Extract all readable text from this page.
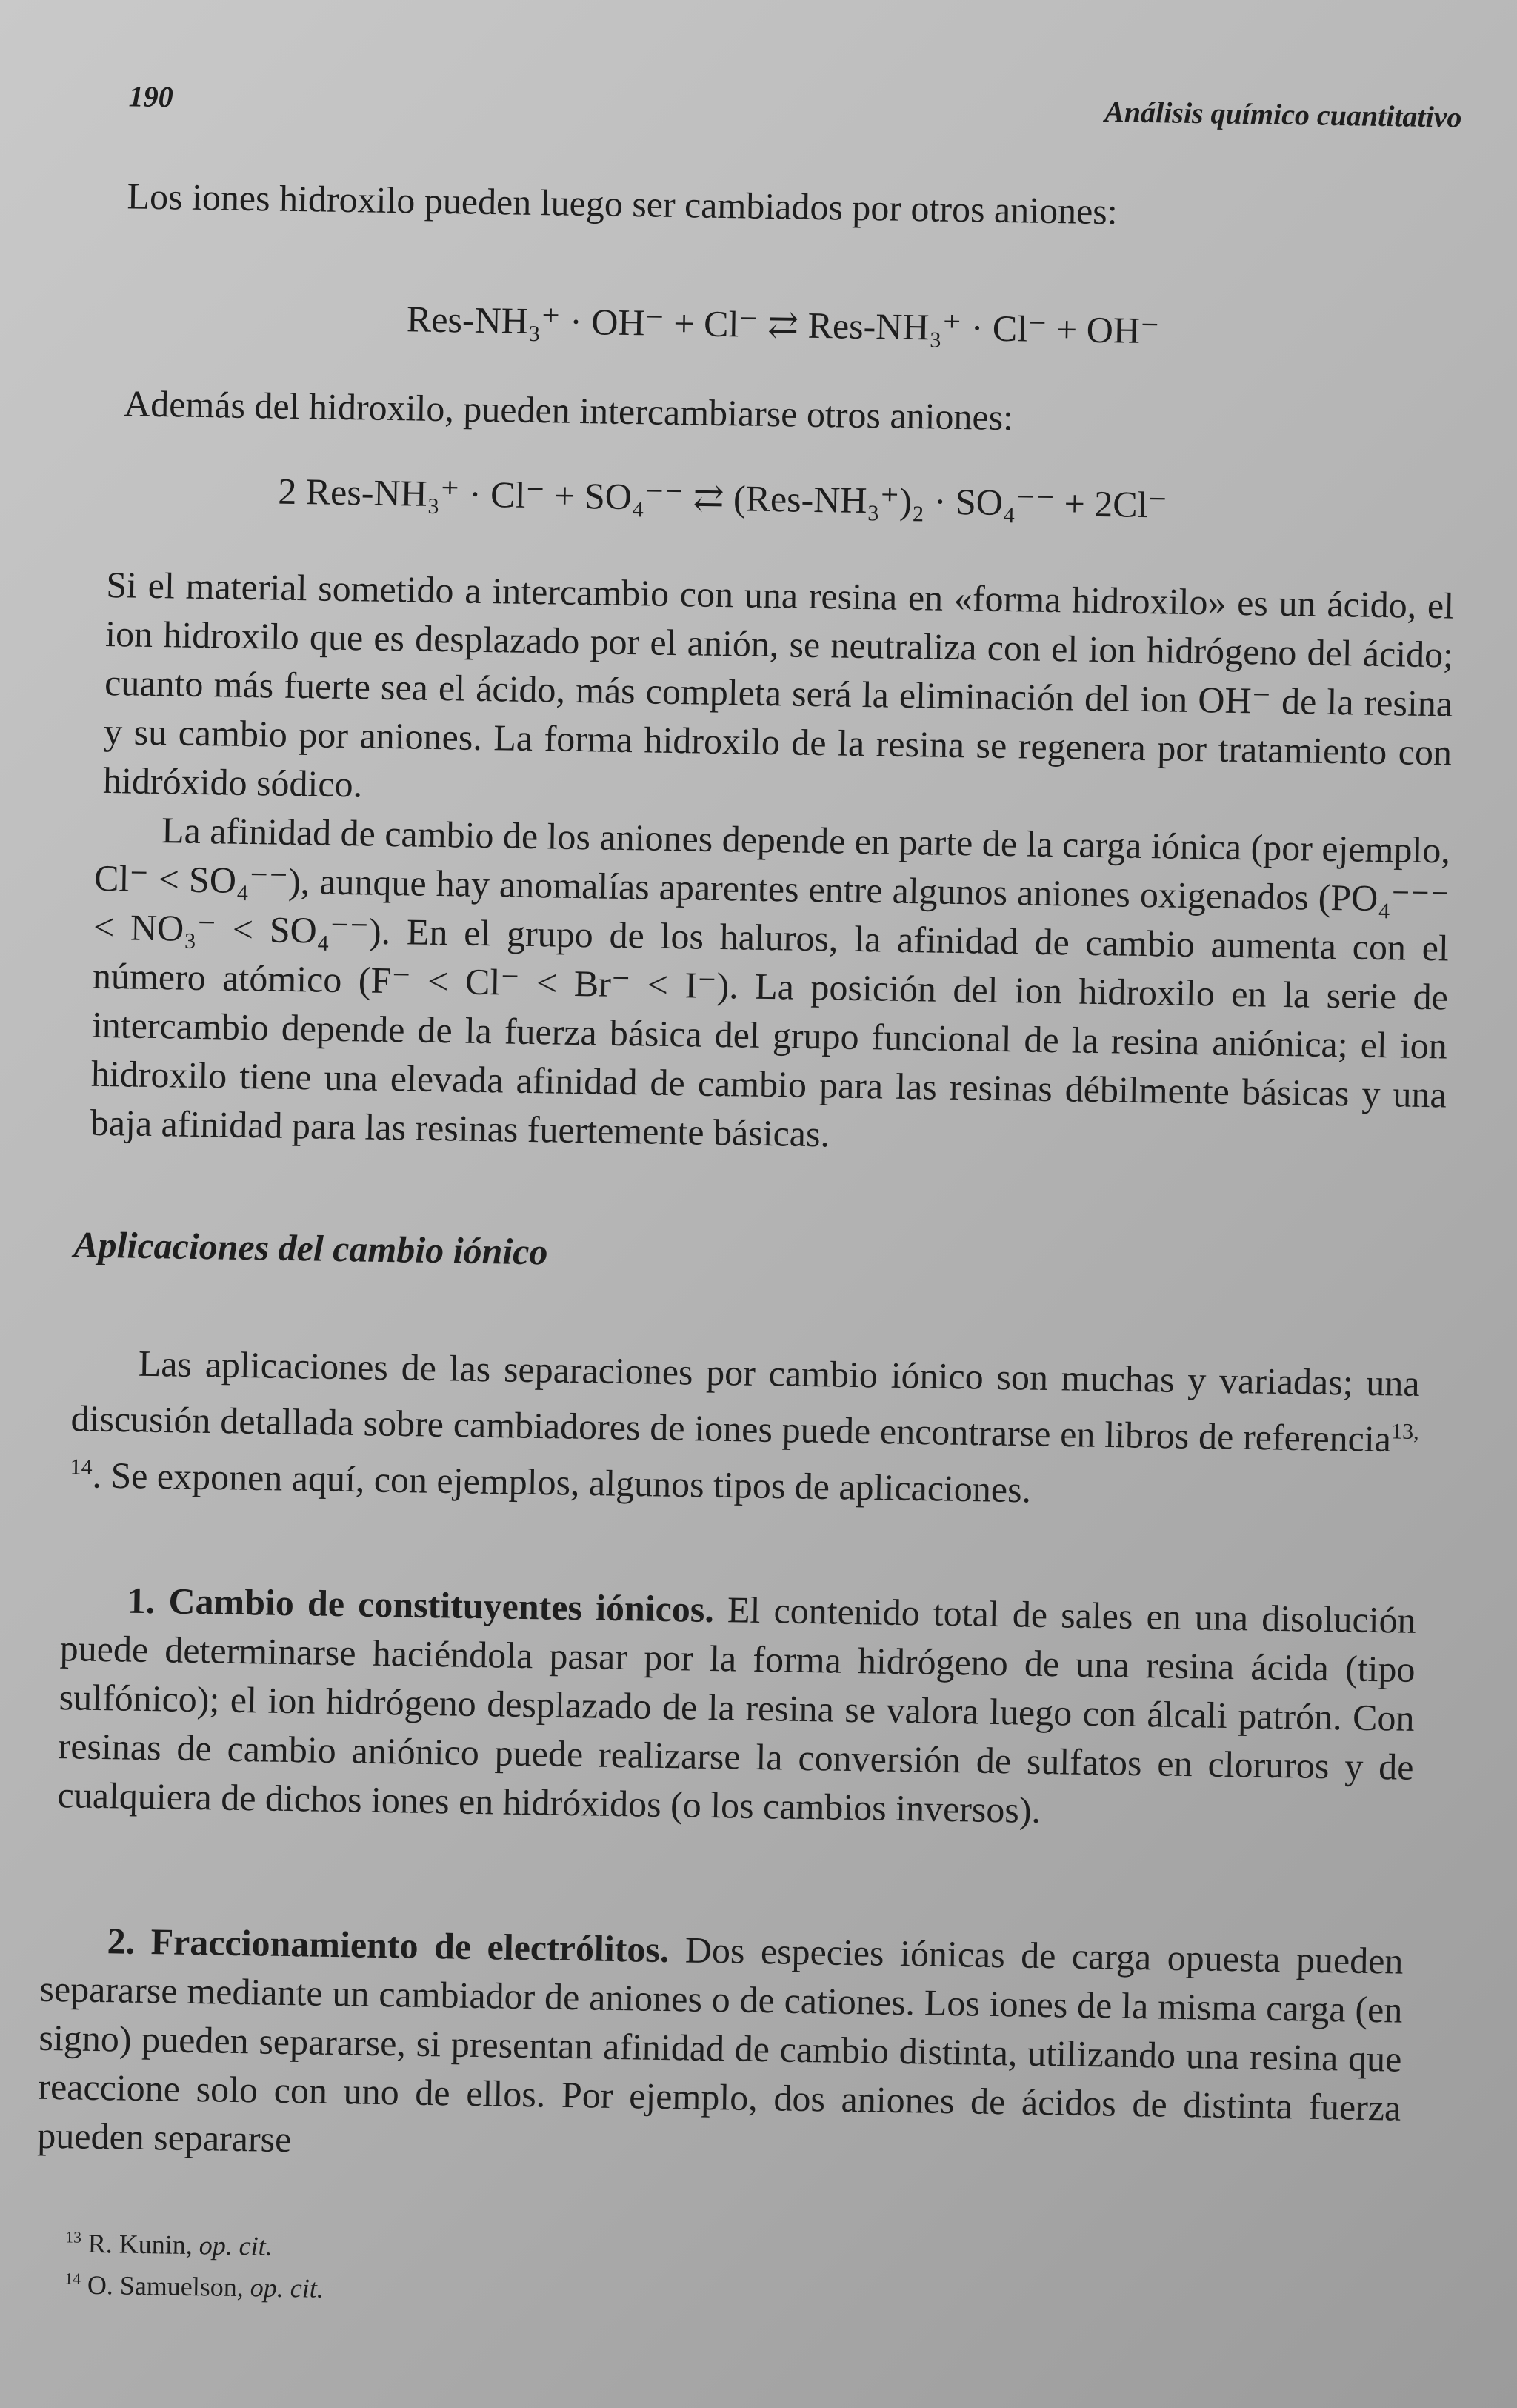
190	Análisis químico cuantitativo

Los iones hidroxilo pueden luego ser cambiados por otros aniones:

Res-NH₃⁺ · OH⁻ + Cl⁻ ⇄ Res-NH₃⁺ · Cl⁻ + OH⁻

Además del hidroxilo, pueden intercambiarse otros aniones:

2 Res-NH₃⁺ · Cl⁻ + SO₄⁻⁻ ⇄ (Res-NH₃⁺)₂ · SO₄⁻⁻ + 2Cl⁻

Si el material sometido a intercambio con una resina en «forma hidroxilo» es un ácido, el ion hidroxilo que es desplazado por el anión, se neutraliza con el ion hidrógeno del ácido; cuanto más fuerte sea el ácido, más completa será la eliminación del ion OH⁻ de la resina y su cambio por aniones. La forma hidroxilo de la resina se regenera por tratamiento con hidróxido sódico.

La afinidad de cambio de los aniones depende en parte de la carga iónica (por ejemplo, Cl⁻ < SO₄⁻⁻), aunque hay anomalías aparentes entre algunos aniones oxigenados (PO₄⁻⁻⁻ < NO₃⁻ < SO₄⁻⁻). En el grupo de los haluros, la afinidad de cambio aumenta con el número atómico (F⁻ < Cl⁻ < Br⁻ < I⁻). La posición del ion hidroxilo en la serie de intercambio depende de la fuerza básica del grupo funcional de la resina aniónica; el ion hidroxilo tiene una elevada afinidad de cambio para las resinas débilmente básicas y una baja afinidad para las resinas fuertemente básicas.

Aplicaciones del cambio iónico

Las aplicaciones de las separaciones por cambio iónico son muchas y variadas; una discusión detallada sobre cambiadores de iones puede encontrarse en libros de referencia$^{13, 14}$. Se exponen aquí, con ejemplos, algunos tipos de aplicaciones.

1. Cambio de constituyentes iónicos. El contenido total de sales en una disolución puede determinarse haciéndola pasar por la forma hidrógeno de una resina ácida (tipo sulfónico); el ion hidrógeno desplazado de la resina se valora luego con álcali patrón. Con resinas de cambio aniónico puede realizarse la conversión de sulfatos en cloruros y de cualquiera de dichos iones en hidróxidos (o los cambios inversos).

2. Fraccionamiento de electrólitos. Dos especies iónicas de carga opuesta pueden separarse mediante un cambiador de aniones o de cationes. Los iones de la misma carga (en signo) pueden separarse, si presentan afinidad de cambio distinta, utilizando una resina que reaccione solo con uno de ellos. Por ejemplo, dos aniones de ácidos de distinta fuerza pueden separarse

$^{13}$ R. Kunin, op. cit.
$^{14}$ O. Samuelson, op. cit.
